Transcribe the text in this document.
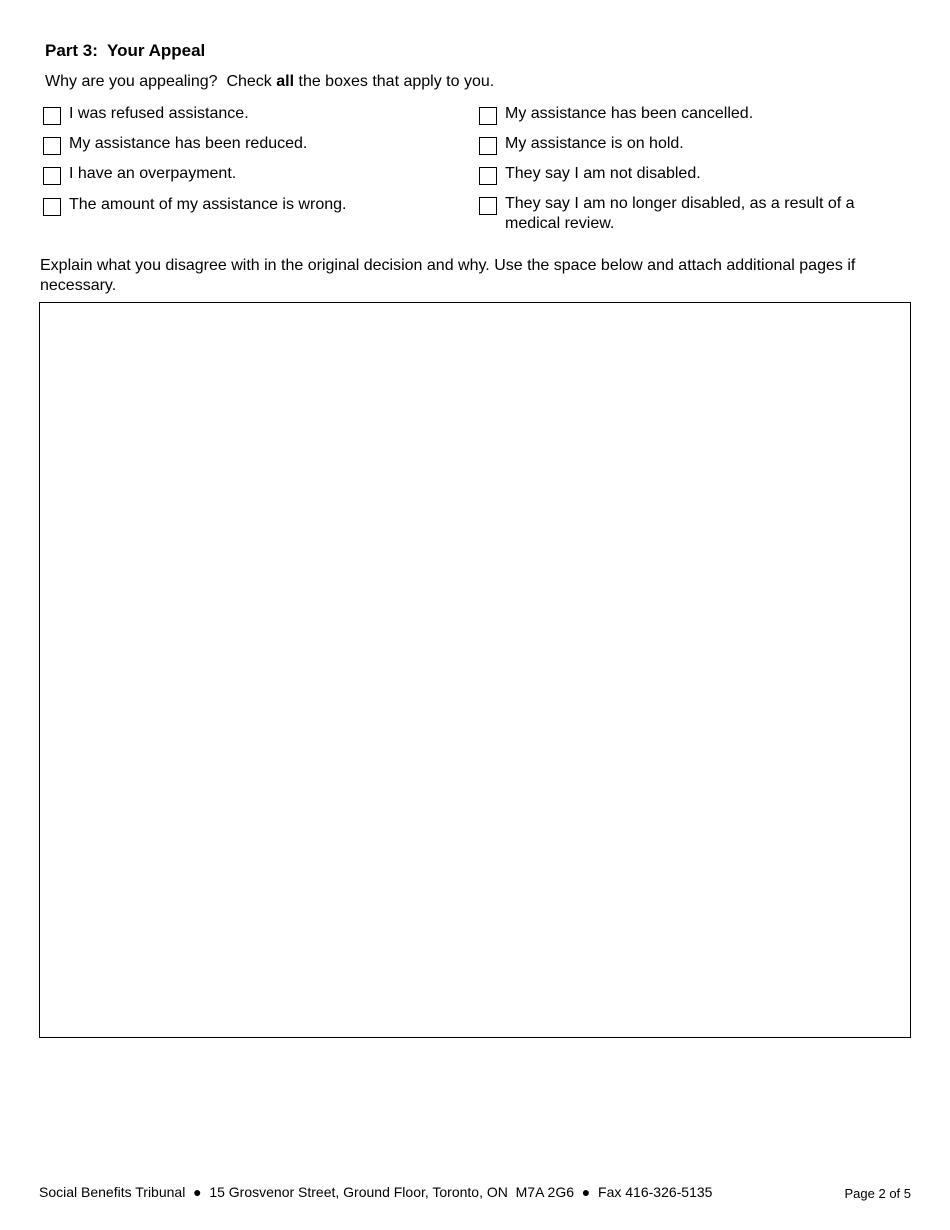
Part 3:  Your Appeal
Why are you appealing?  Check all the boxes that apply to you.
I was refused assistance.
My assistance has been reduced.
I have an overpayment.
The amount of my assistance is wrong.
My assistance has been cancelled.
My assistance is on hold.
They say I am not disabled.
They say I am no longer disabled, as a result of a medical review.
Explain what you disagree with in the original decision and why. Use the space below and attach additional pages if necessary.
Social Benefits Tribunal  ●  15 Grosvenor Street, Ground Floor, Toronto, ON  M7A 2G6  ●  Fax 416-326-5135	Page 2 of 5
